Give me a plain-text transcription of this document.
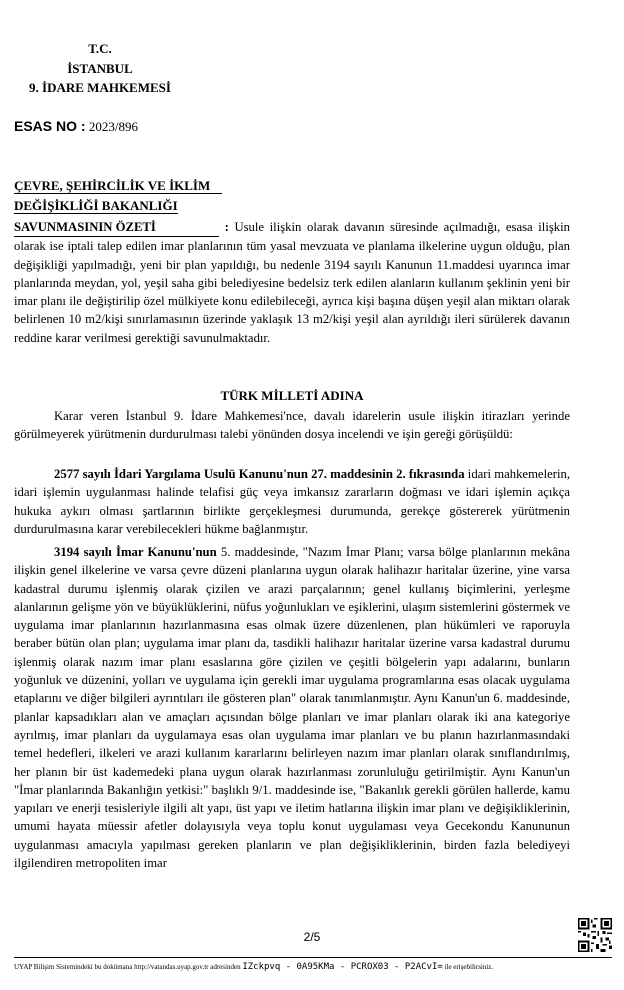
T.C.
İSTANBUL
9. İDARE MAHKEMESİ
ESAS NO : 2023/896
ÇEVRE, ŞEHİRCİLİK VE İKLİM
DEĞİŞİKLİĞİ BAKANLIĞI

SAVUNMASININ ÖZETİ	: Usule ilişkin olarak davanın süresinde açılmadığı, esasa ilişkin olarak ise iptali talep edilen imar planlarının tüm yasal mevzuata ve planlama ilkelerine uygun olduğu, plan değişikliği yapılmadığı, yeni bir plan yapıldığı, bu nedenle 3194 sayılı Kanunun 11.maddesi uyarınca imar planlarında meydan, yol, yeşil saha gibi belediyesine bedelsiz terk edilen alanların kullanım şeklinin yeni bir imar planı ile değiştirilip özel mülkiyete konu edilebileceği, ayrıca kişi başına düşen yeşil alan miktarı olarak belirlenen 10 m2/kişi sınırlamasının üzerinde yaklaşık 13 m2/kişi yeşil alan ayrıldığı ileri sürülerek davanın reddine karar verilmesi gerektiği savunulmaktadır.

TÜRK MİLLETİ ADINA

Karar veren İstanbul 9. İdare Mahkemesi'nce, davalı idarelerin usule ilişkin itirazları yerinde görülmeyerek yürütmenin durdurulması talebi yönünden dosya incelendi ve işin gereği görüşüldü:

2577 sayılı İdari Yargılama Usulü Kanunu'nun 27. maddesinin 2. fıkrasında idari mahkemelerin, idari işlemin uygulanması halinde telafisi güç veya imkansız zararların doğması ve idari işlemin açıkça hukuka aykırı olması şartlarının birlikte gerçekleşmesi durumunda, gerekçe göstererek yürütmenin durdurulmasına karar verebilecekleri hükme bağlanmıştır.

3194 sayılı İmar Kanunu'nun 5. maddesinde, "Nazım İmar Planı; varsa bölge planlarının mekâna ilişkin genel ilkelerine ve varsa çevre düzeni planlarına uygun olarak halihazır haritalar üzerine, yine varsa kadastral durumu işlenmiş olarak çizilen ve arazi parçalarının; genel kullanış biçimlerini, yerleşme alanlarının gelişme yön ve büyüklüklerini, nüfus yoğunlukları ve eşiklerini, ulaşım sistemlerini göstermek ve uygulama imar planlarının hazırlanmasına esas olmak üzere düzenlenen, plan hükümleri ve raporuyla beraber bütün olan plan; uygulama imar planı da, tasdikli halihazır haritalar üzerine varsa kadastral durumu işlenmiş olarak nazım imar planı esaslarına göre çizilen ve çeşitli bölgelerin yapı adalarını, bunların yoğunluk ve düzenini, yolları ve uygulama için gerekli imar uygulama programlarına esas olacak uygulama etaplarını ve diğer bilgileri ayrıntıları ile gösteren plan" olarak tanımlanmıştır. Aynı Kanun'un 6. maddesinde, planlar kapsadıkları alan ve amaçları açısından bölge planları ve imar planları olarak iki ana kategoriye ayrılmış, imar planları da uygulamaya esas olan uygulama imar planları ve bu planın hazırlanmasındaki temel hedefleri, ilkeleri ve arazi kullanım kararlarını belirleyen nazım imar planları olarak sınıflandırılmış, her planın bir üst kademedeki plana uygun olarak hazırlanması zorunluluğu getirilmiştir. Aynı Kanun'un "İmar planlarında Bakanlığın yetkisi:" başlıklı 9/1. maddesinde ise, "Bakanlık gerekli görülen hallerde, kamu yapıları ve enerji tesisleriyle ilgili alt yapı, üst yapı ve iletim hatlarına ilişkin imar planı ve değişikliklerinin, umumi hayata müessir afetler dolayısıyla veya toplu konut uygulaması veya Gecekondu Kanununun uygulanması amacıyla yapılması gereken planların ve plan değişikliklerinin, birden fazla belediyeyi ilgilendiren metropoliten imar

2/5
UYAP Bilişim Sistemindeki bu dokümana http://vatandas.uyap.gov.tr adresinden IZckpvq - 0A95KMa - PCROX03 - P2ACvI= ile erişebilirsiniz.
